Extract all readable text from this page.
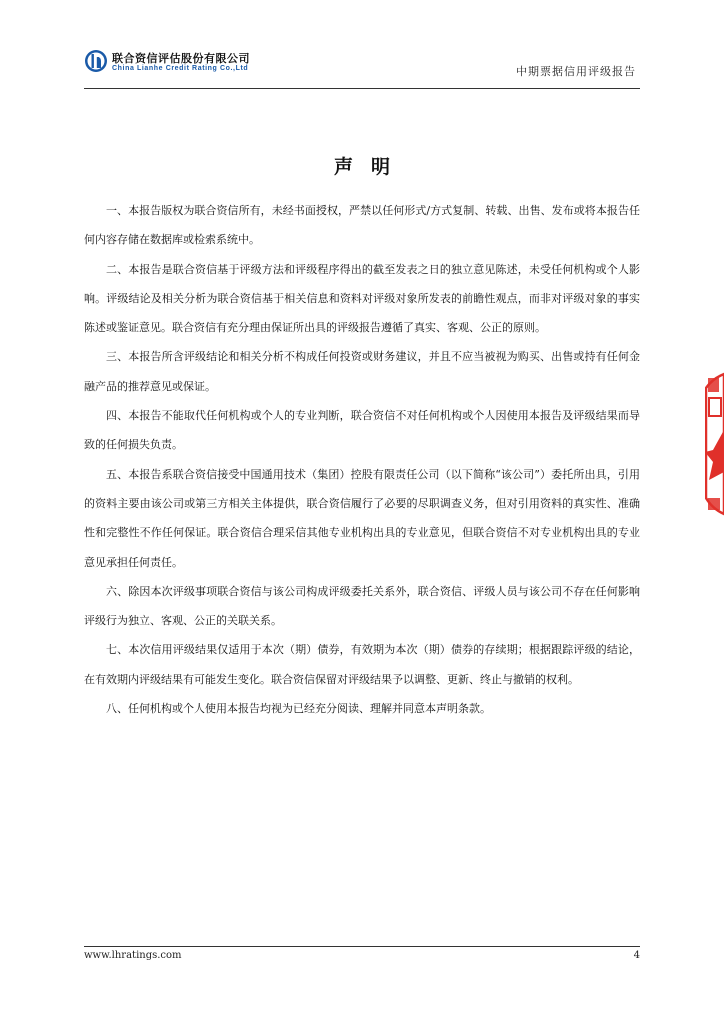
联合资信评估股份有限公司
China Lianhe Credit Rating Co.,Ltd	中期票据信用评级报告
声明

一、本报告版权为联合资信所有，未经书面授权，严禁以任何形式/方式复制、转载、出售、发布或将本报告任何内容存储在数据库或检索系统中。

二、本报告是联合资信基于评级方法和评级程序得出的截至发表之日的独立意见陈述，未受任何机构或个人影响。评级结论及相关分析为联合资信基于相关信息和资料对评级对象所发表的前瞻性观点，而非对评级对象的事实陈述或鉴证意见。联合资信有充分理由保证所出具的评级报告遵循了真实、客观、公正的原则。

三、本报告所含评级结论和相关分析不构成任何投资或财务建议，并且不应当被视为购买、出售或持有任何金融产品的推荐意见或保证。

四、本报告不能取代任何机构或个人的专业判断，联合资信不对任何机构或个人因使用本报告及评级结果而导致的任何损失负责。

五、本报告系联合资信接受中国通用技术（集团）控股有限责任公司（以下简称“该公司”）委托所出具，引用的资料主要由该公司或第三方相关主体提供，联合资信履行了必要的尽职调查义务，但对引用资料的真实性、准确性和完整性不作任何保证。联合资信合理采信其他专业机构出具的专业意见，但联合资信不对专业机构出具的专业意见承担任何责任。

六、除因本次评级事项联合资信与该公司构成评级委托关系外，联合资信、评级人员与该公司不存在任何影响评级行为独立、客观、公正的关联关系。

七、本次信用评级结果仅适用于本次（期）债券，有效期为本次（期）债券的存续期；根据跟踪评级的结论，在有效期内评级结果有可能发生变化。联合资信保留对评级结果予以调整、更新、终止与撤销的权利。

八、任何机构或个人使用本报告均视为已经充分阅读、理解并同意本声明条款。

www.lhratings.com	4
